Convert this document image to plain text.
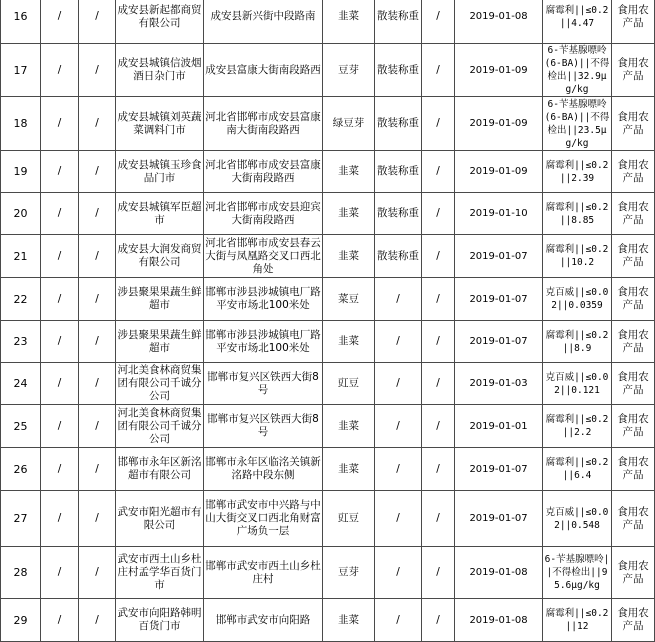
16	/	/	成安县新起都商贸有限公司	成安县新兴街中段路南	韭菜	散装称重	/	2019-01-08	腐霉利||≤0.2||4.47	食用农产品
17	/	/	成安县城镇信波烟酒日杂门市	成安县富康大街南段路西	豆芽	散装称重	/	2019-01-09	6-苄基腺嘌呤(6-BA)||不得检出||32.9μg/kg	食用农产品
18	/	/	成安县城镇刘英蔬菜调料门市	河北省邯郸市成安县富康南大街南段路西	绿豆芽	散装称重	/	2019-01-09	6-苄基腺嘌呤(6-BA)||不得检出||23.5μg/kg	食用农产品
19	/	/	成安县城镇玉珍食品门市	河北省邯郸市成安县富康大街南段路西	韭菜	散装称重	/	2019-01-09	腐霉利||≤0.2||2.39	食用农产品
20	/	/	成安县城镇军臣超市	河北省邯郸市成安县迎宾大街南段路西	韭菜	散装称重	/	2019-01-10	腐霉利||≤0.2||8.85	食用农产品
21	/	/	成安县大润发商贸有限公司	河北省邯郸市成安县春云大街与凤凰路交叉口西北角处	韭菜	散装称重	/	2019-01-07	腐霉利||≤0.2||10.2	食用农产品
22	/	/	涉县聚果果蔬生鲜超市	邯郸市涉县涉城镇电厂路平安市场北100米处	菜豆	/	/	2019-01-07	克百威||≤0.02||0.0359	食用农产品
23	/	/	涉县聚果果蔬生鲜超市	邯郸市涉县涉城镇电厂路平安市场北100米处	韭菜	/	/	2019-01-07	腐霉利||≤0.2||8.9	食用农产品
24	/	/	河北美食林商贸集团有限公司千诚分公司	邯郸市复兴区铁西大街8号	豇豆	/	/	2019-01-03	克百威||≤0.02||0.121	食用农产品
25	/	/	河北美食林商贸集团有限公司千诚分公司	邯郸市复兴区铁西大街8号	韭菜	/	/	2019-01-01	腐霉利||≤0.2||2.2	食用农产品
26	/	/	邯郸市永年区新洺超市有限公司	邯郸市永年区临洺关镇新洺路中段东侧	韭菜	/	/	2019-01-07	腐霉利||≤0.2||6.4	食用农产品
27	/	/	武安市阳光超市有限公司	邯郸市武安市中兴路与中山大街交叉口西北角财富广场负一层	豇豆	/	/	2019-01-07	克百威||≤0.02||0.548	食用农产品
28	/	/	武安市西土山乡杜庄村孟学华百货门市	邯郸市武安市西土山乡杜庄村	豆芽	/	/	2019-01-08	6-苄基腺嘌呤||不得检出||95.6μg/kg	食用农产品
29	/	/	武安市向阳路韩明百货门市	邯郸市武安市向阳路	韭菜	/	/	2019-01-08	腐霉利||≤0.2||12	食用农产品
